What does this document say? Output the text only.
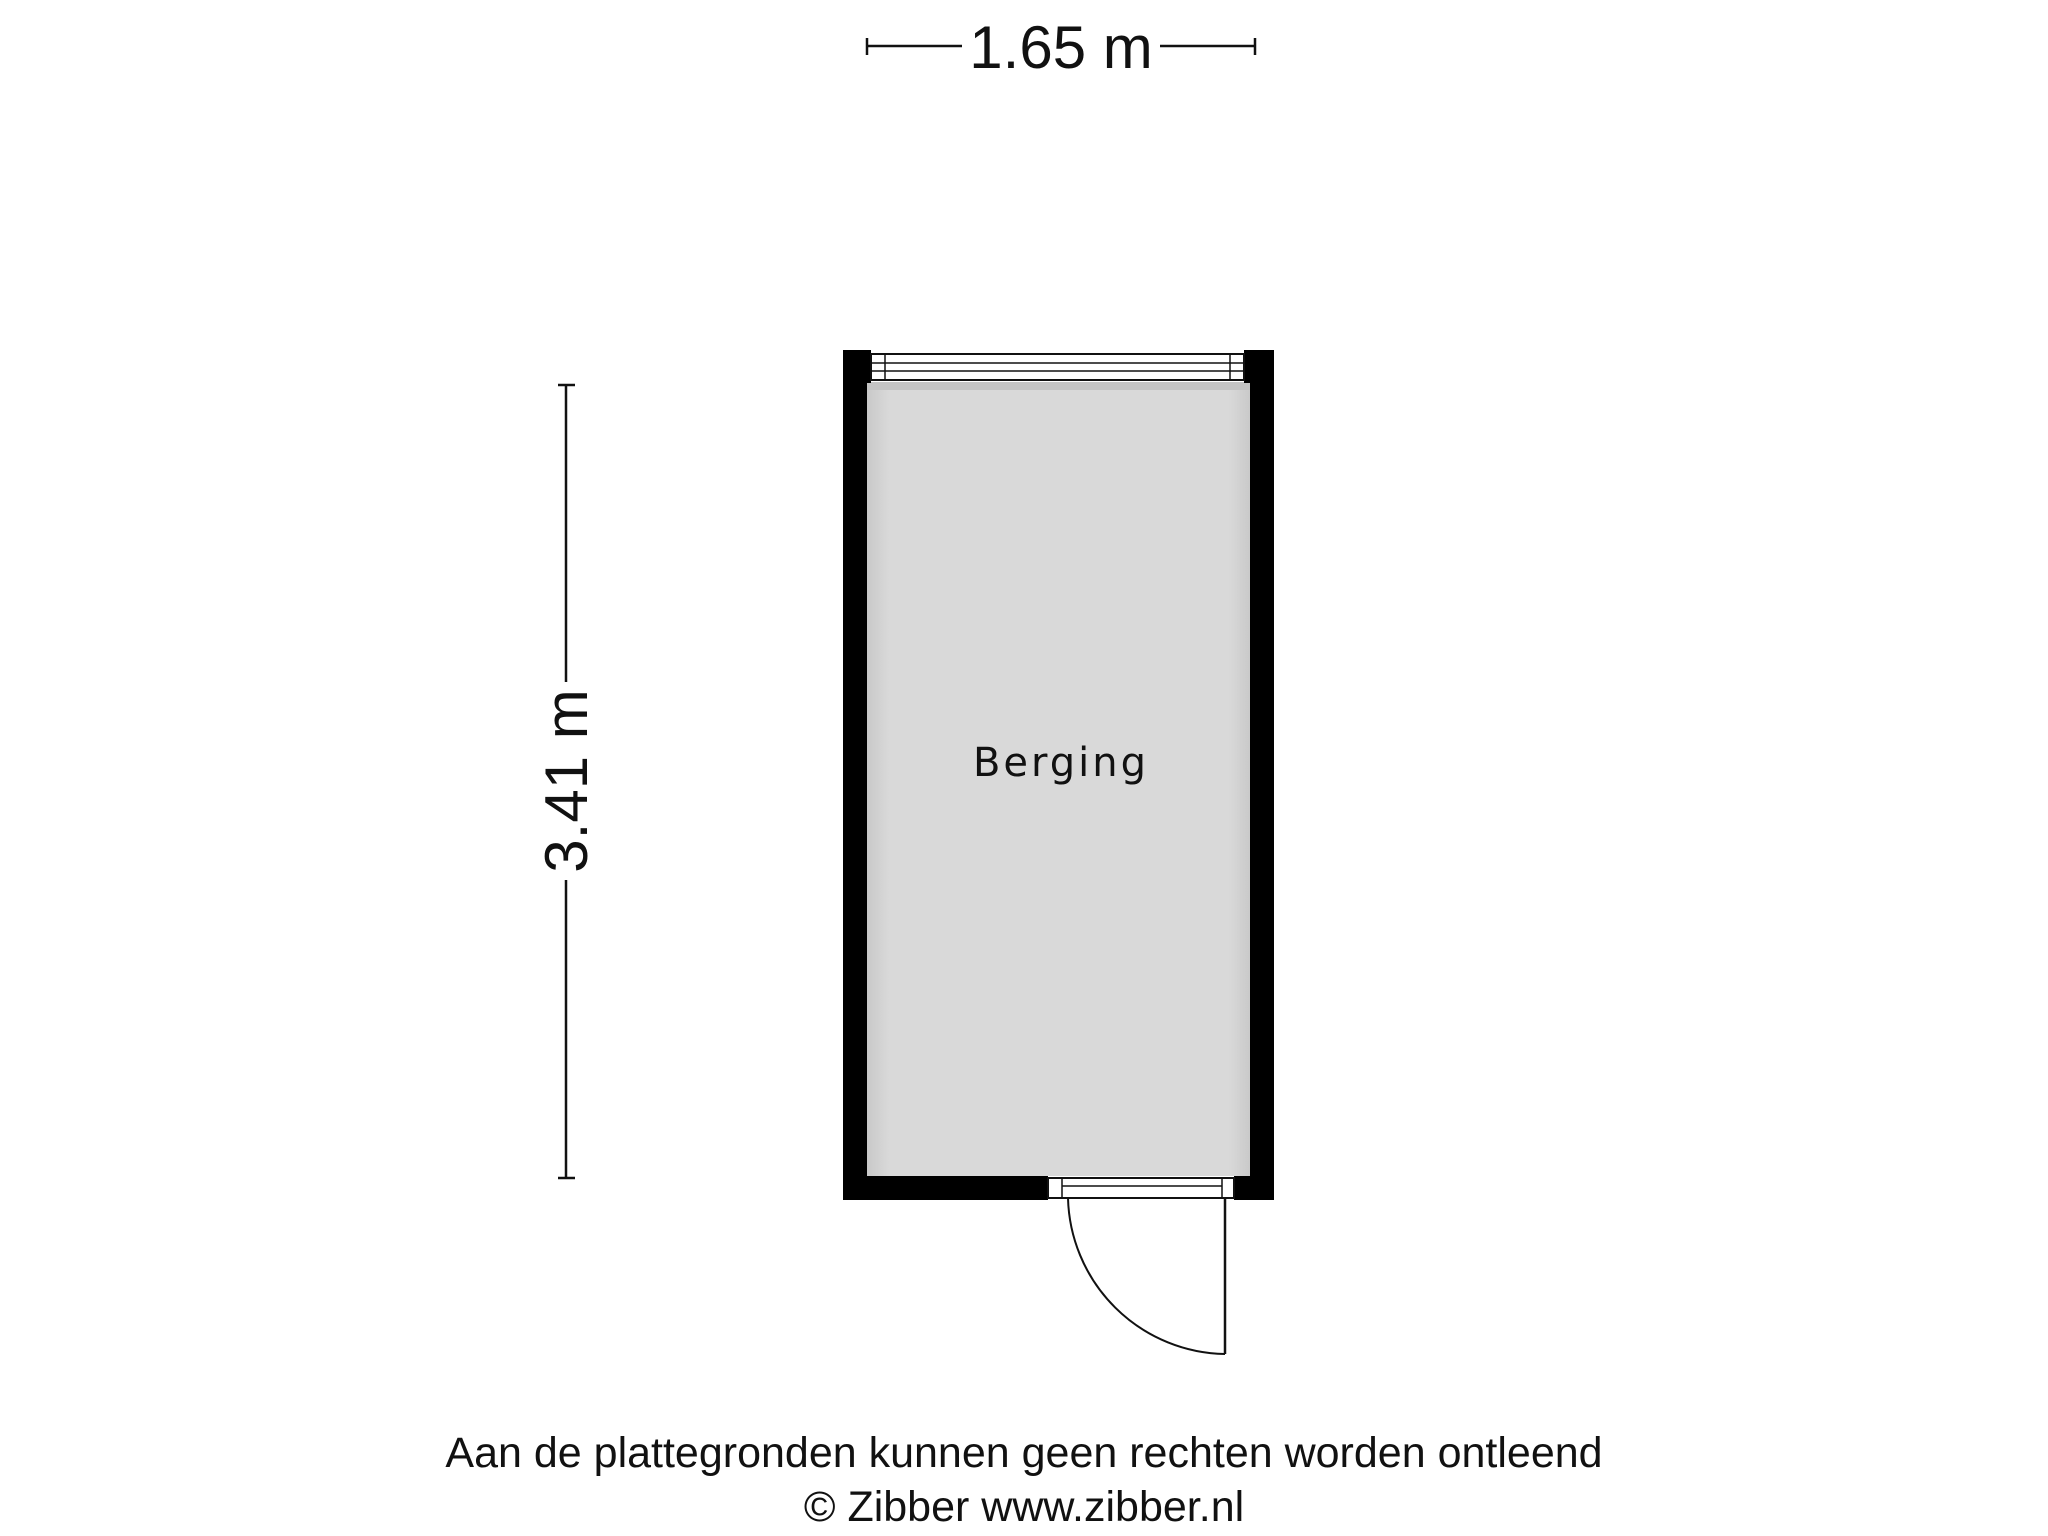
1.65 m
3.41 m	Berging
Aan de plattegronden kunnen geen rechten worden ontleend
© Zibber www.zibber.nl
